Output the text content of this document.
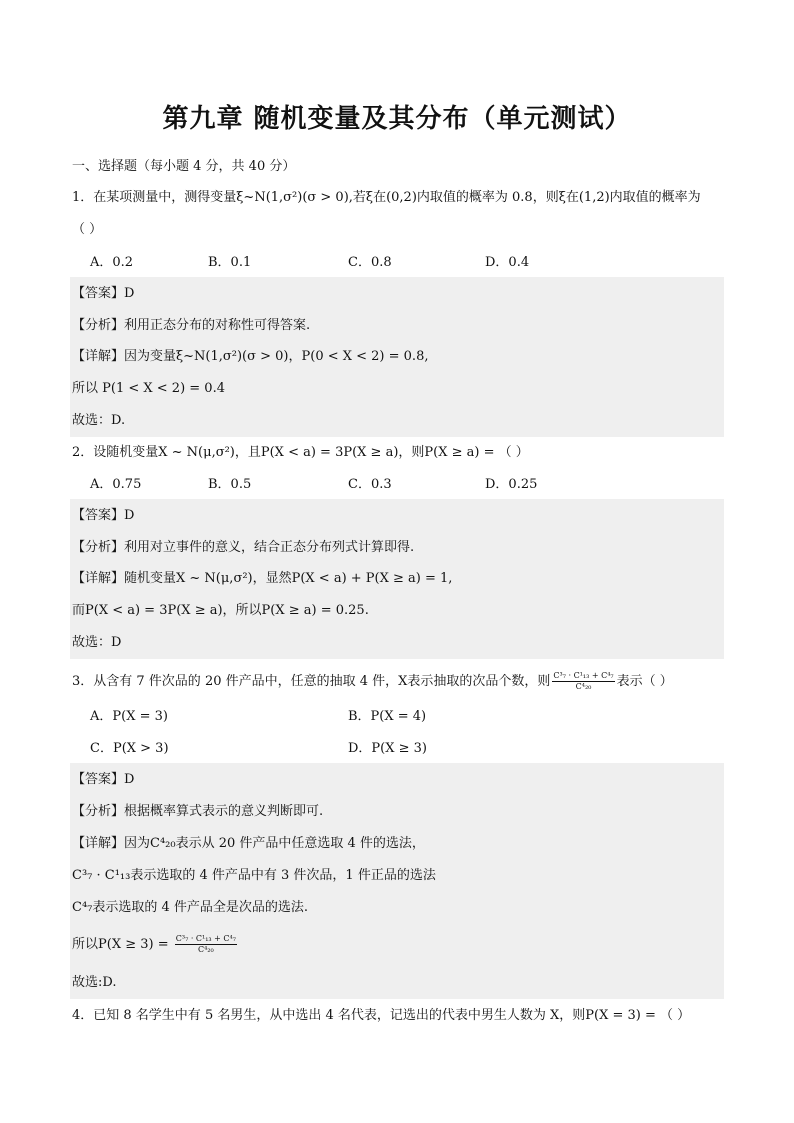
第九章 随机变量及其分布（单元测试）
一、选择题（每小题 4 分，共 40 分）
1．在某项测量中，测得变量ξ~N(1,σ²)(σ > 0),若ξ在(0,2)内取值的概率为 0.8，则ξ在(1,2)内取值的概率为
（ ）
A．0.2	B．0.1	C．0.8	D．0.4
【答案】D
【分析】利用正态分布的对称性可得答案.
【详解】因为变量ξ~N(1,σ²)(σ > 0)，P(0 < X < 2) = 0.8,
所以 P(1 < X < 2) = 0.4
故选：D.
2．设随机变量X ~ N(μ,σ²)，且P(X < a) = 3P(X ≥ a)，则P(X ≥ a) = （ ）
A．0.75	B．0.5	C．0.3	D．0.25
【答案】D
【分析】利用对立事件的意义，结合正态分布列式计算即得.
【详解】随机变量X ~ N(μ,σ²)，显然P(X < a) + P(X ≥ a) = 1,
而P(X < a) = 3P(X ≥ a)，所以P(X ≥ a) = 0.25.
故选：D
3．从含有 7 件次品的 20 件产品中，任意的抽取 4 件，X表示抽取的次品个数，则 $\frac{\text{C³₇ · C¹₁₃ + C⁴₇}}{\text{C⁴₂₀}}$ 表示（ ）
A．P(X = 3)	B．P(X = 4)
C．P(X > 3)	D．P(X ≥ 3)
【答案】D
【分析】根据概率算式表示的意义判断即可.
【详解】因为C⁴₂₀表示从 20 件产品中任意选取 4 件的选法，
C³₇ · C¹₁₃表示选取的 4 件产品中有 3 件次品，1 件正品的选法
C⁴₇表示选取的 4 件产品全是次品的选法.
所以$P(X \ge 3) = \frac{\text{C³₇ · C¹₁₃ + C⁴₇}}{\text{C⁴₂₀}}$
故选:D.
4．已知 8 名学生中有 5 名男生，从中选出 4 名代表，记选出的代表中男生人数为 X，则P(X = 3) = （ ）
